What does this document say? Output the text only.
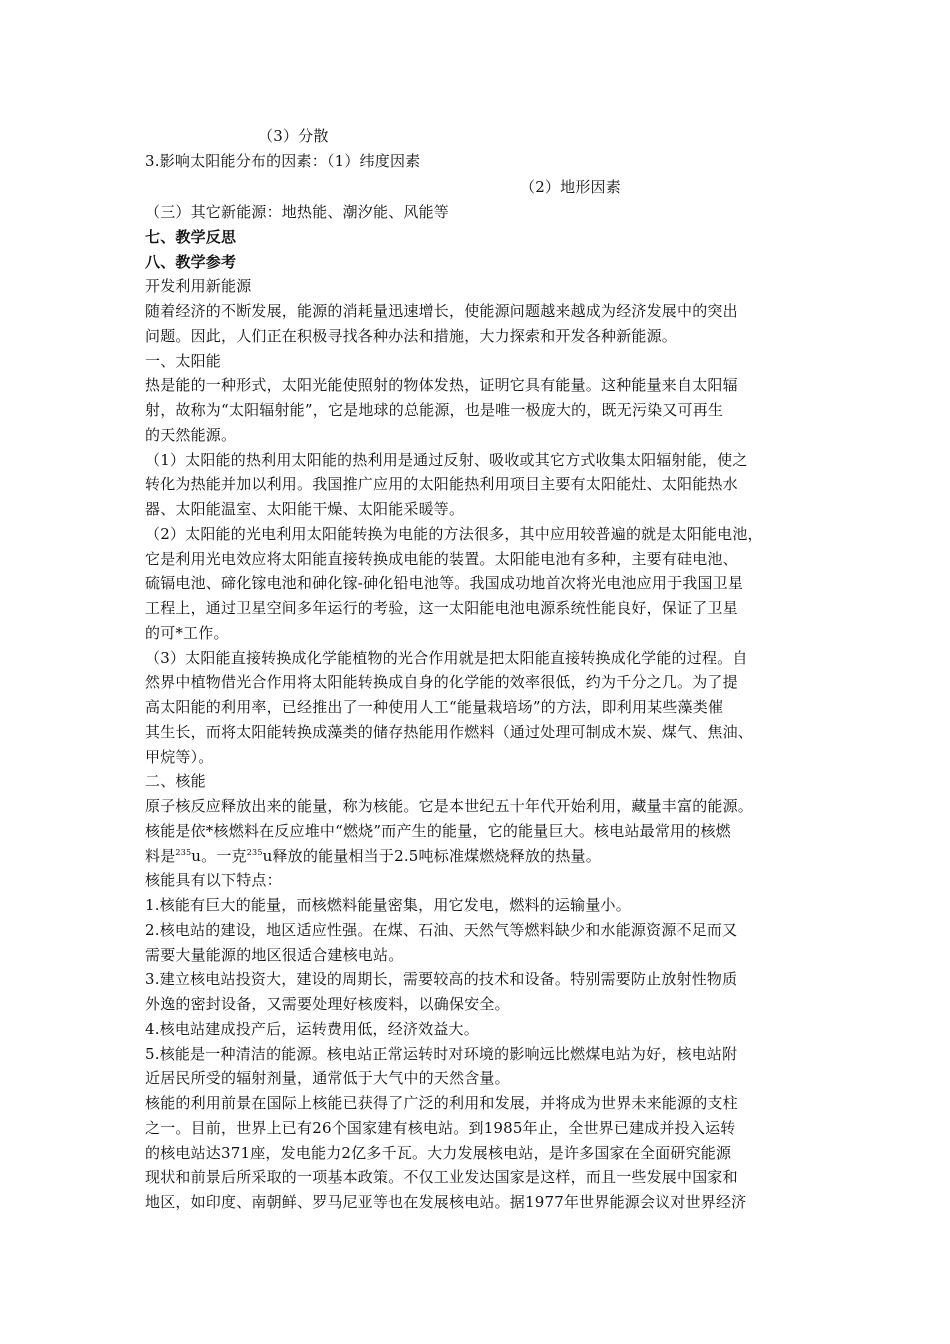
（3）分散
3.影响太阳能分布的因素：（1）纬度因素
（2）地形因素
（三）其它新能源：地热能、潮汐能、风能等
七、教学反思
八、教学参考
开发利用新能源
随着经济的不断发展，能源的消耗量迅速增长，使能源问题越来越成为经济发展中的突出
问题。因此，人们正在积极寻找各种办法和措施，大力探索和开发各种新能源。
一、太阳能
热是能的一种形式，太阳光能使照射的物体发热，证明它具有能量。这种能量来自太阳辐
射，故称为“太阳辐射能”，它是地球的总能源，也是唯一极庞大的，既无污染又可再生
的天然能源。
（1）太阳能的热利用太阳能的热利用是通过反射、吸收或其它方式收集太阳辐射能，使之
转化为热能并加以利用。我国推广应用的太阳能热利用项目主要有太阳能灶、太阳能热水
器、太阳能温室、太阳能干燥、太阳能采暖等。
（2）太阳能的光电利用太阳能转换为电能的方法很多，其中应用较普遍的就是太阳能电池，
它是利用光电效应将太阳能直接转换成电能的装置。太阳能电池有多种，主要有硅电池、
硫镉电池、碲化镓电池和砷化镓-砷化铅电池等。我国成功地首次将光电池应用于我国卫星
工程上，通过卫星空间多年运行的考验，这一太阳能电池电源系统性能良好，保证了卫星
的可*工作。
（3）太阳能直接转换成化学能植物的光合作用就是把太阳能直接转换成化学能的过程。自
然界中植物借光合作用将太阳能转换成自身的化学能的效率很低，约为千分之几。为了提
高太阳能的利用率，已经推出了一种使用人工“能量栽培场”的方法，即利用某些藻类催
其生长，而将太阳能转换成藻类的储存热能用作燃料（通过处理可制成木炭、煤气、焦油、
甲烷等）。
二、核能
原子核反应释放出来的能量，称为核能。它是本世纪五十年代开始利用，藏量丰富的能源。
核能是依*核燃料在反应堆中“燃烧”而产生的能量，它的能量巨大。核电站最常用的核燃
料是$^{235}$u。一克$^{235}$u释放的能量相当于2.5吨标准煤燃烧释放的热量。
核能具有以下特点：
1.核能有巨大的能量，而核燃料能量密集，用它发电，燃料的运输量小。
2.核电站的建设，地区适应性强。在煤、石油、天然气等燃料缺少和水能源资源不足而又
需要大量能源的地区很适合建核电站。
3.建立核电站投资大，建设的周期长，需要较高的技术和设备。特别需要防止放射性物质
外逸的密封设备，又需要处理好核废料，以确保安全。
4.核电站建成投产后，运转费用低，经济效益大。
5.核能是一种清洁的能源。核电站正常运转时对环境的影响远比燃煤电站为好，核电站附
近居民所受的辐射剂量，通常低于大气中的天然含量。
核能的利用前景在国际上核能已获得了广泛的利用和发展，并将成为世界未来能源的支柱
之一。目前，世界上已有26个国家建有核电站。到1985年止，全世界已建成并投入运转
的核电站达371座，发电能力2亿多千瓦。大力发展核电站，是许多国家在全面研究能源
现状和前景后所采取的一项基本政策。不仅工业发达国家是这样，而且一些发展中国家和
地区，如印度、南朝鲜、罗马尼亚等也在发展核电站。据1977年世界能源会议对世界经济
